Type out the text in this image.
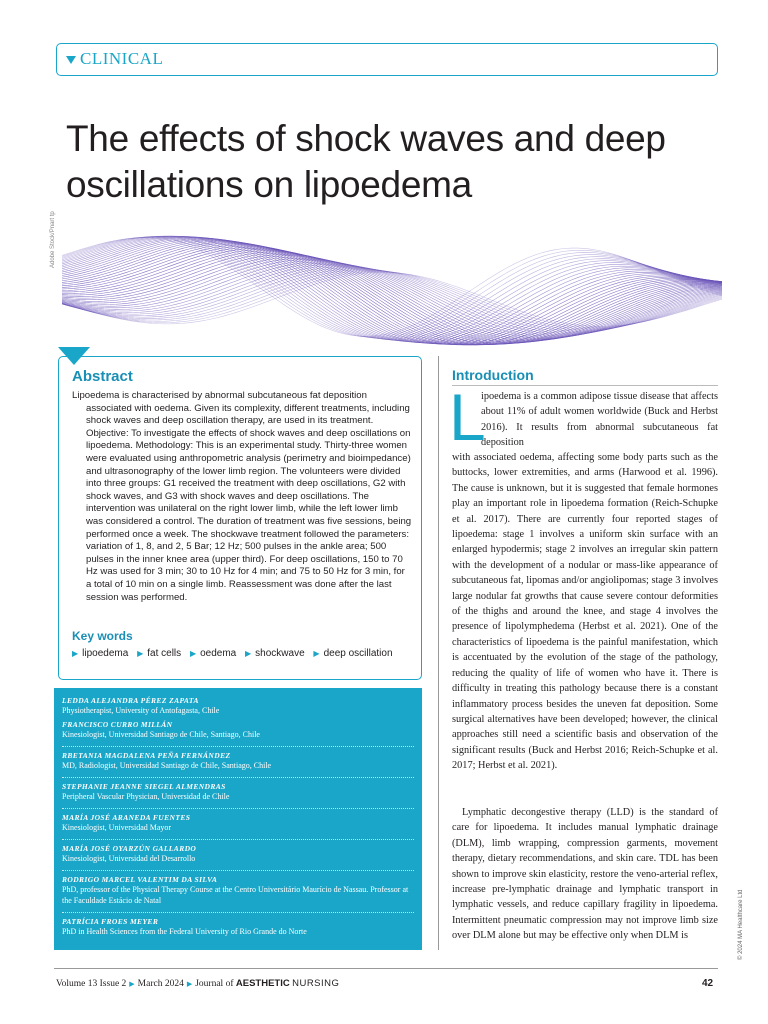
CLINICAL
The effects of shock waves and deep
oscillations on lipoedema
Adobe Stock/Pnart tp
Abstract
Lipoedema is characterised by abnormal subcutaneous fat deposition
associated with oedema. Given its complexity, different treatments, including shock waves and deep oscillation therapy, are used in its treatment. Objective: To investigate the effects of shock waves and deep oscillations on lipoedema. Methodology: This is an experimental study. Thirty-three women were evaluated using anthropometric analysis (perimetry and bioimpedance) and ultrasonography of the lower limb region. The volunteers were divided into three groups: G1 received the treatment with deep oscillations, G2 with shock waves, and G3 with shock waves and deep oscillations. The intervention was unilateral on the right lower limb, while the left lower limb was considered a control. The duration of treatment was five sessions, being performed once a week. The shockwave treatment followed the parameters: variation of 1, 8, and 2, 5 Bar; 12 Hz; 500 pulses in the ankle area; 500 pulses in the inner knee area (upper third). For deep oscillations, 150 to 70 Hz was used for 3 min; 30 to 10 Hz for 4 min; and 75 to 50 Hz for 3 min, for a total of 10 min on a single limb. Reassessment was done after the last session was performed.
Key words
▶ lipoedema ▶ fat cells ▶ oedema ▶ shockwave ▶ deep oscillation
LEDDA ALEJANDRA PÉREZ ZAPATA
Physiotherapist, University of Antofagasta, Chile
FRANCISCO CURRO MILLÁN
Kinesiologist, Universidad Santiago de Chile, Santiago, Chile
RBETANIA MAGDALENA PEÑA FERNÁNDEZ
MD, Radiologist, Universidad Santiago de Chile, Santiago, Chile
STEPHANIE JEANNE SIEGEL ALMENDRAS
Peripheral Vascular Physician, Universidad de Chile
MARÍA JOSÉ ARANEDA FUENTES
Kinesiologist, Universidad Mayor
MARÍA JOSÉ OYARZÚN GALLARDO
Kinesiologist, Universidad del Desarrollo
RODRIGO MARCEL VALENTIM DA SILVA
PhD, professor of the Physical Therapy Course at the Centro Universitário Maurício de Nassau. Professor at the Faculdade Estácio de Natal
PATRÍCIA FROES MEYER
PhD in Health Sciences from the Federal University of Rio Grande do Norte
Introduction
L
ipoedema is a common adipose tissue disease that affects about 11% of adult women worldwide (Buck and Herbst 2016). It results from abnormal subcutaneous fat deposition
with associated oedema, affecting some body parts such as the buttocks, lower extremities, and arms (Harwood et al. 1996). The cause is unknown, but it is suggested that female hormones play an important role in lipoedema formation (Reich-Schupke et al. 2017). There are currently four reported stages of lipoedema: stage 1 involves a uniform skin surface with an enlarged hypodermis; stage 2 involves an irregular skin pattern with the development of a nodular or mass-like appearance of subcutaneous fat, lipomas and/or angiolipomas; stage 3 involves large nodular fat growths that cause severe contour deformities of the thighs and around the knee, and stage 4 involves the presence of lipolymphedema (Herbst et al. 2021). One of the characteristics of lipoedema is the painful manifestation, which is accentuated by the evolution of the stage of the pathology, reducing the quality of life of women who have it. There is difficulty in treating this pathology because there is a constant inflammatory process besides the uneven fat deposition. Some surgical alternatives have been developed; however, the clinical approaches still need a scientific basis and observation of the significant results (Buck and Herbst 2016; Reich-Schupke et al. 2017; Herbst et al. 2021).
Lymphatic decongestive therapy (LLD) is the standard of care for lipoedema. It includes manual lymphatic drainage (DLM), limb wrapping, compression garments, movement therapy, dietary recommendations, and skin care. TDL has been shown to improve skin elasticity, restore the veno-arterial reflex, increase pre-lymphatic drainage and lymphatic transport in lymphatic vessels, and reduce capillary fragility in lipoedema. Intermittent pneumatic compression may not improve limb size over DLM alone but may be effective only when DLM is
Volume 13 Issue 2 ▶ March 2024 ▶ Journal of AESTHETIC NURSING	42
© 2024 MA Healthcare Ltd
